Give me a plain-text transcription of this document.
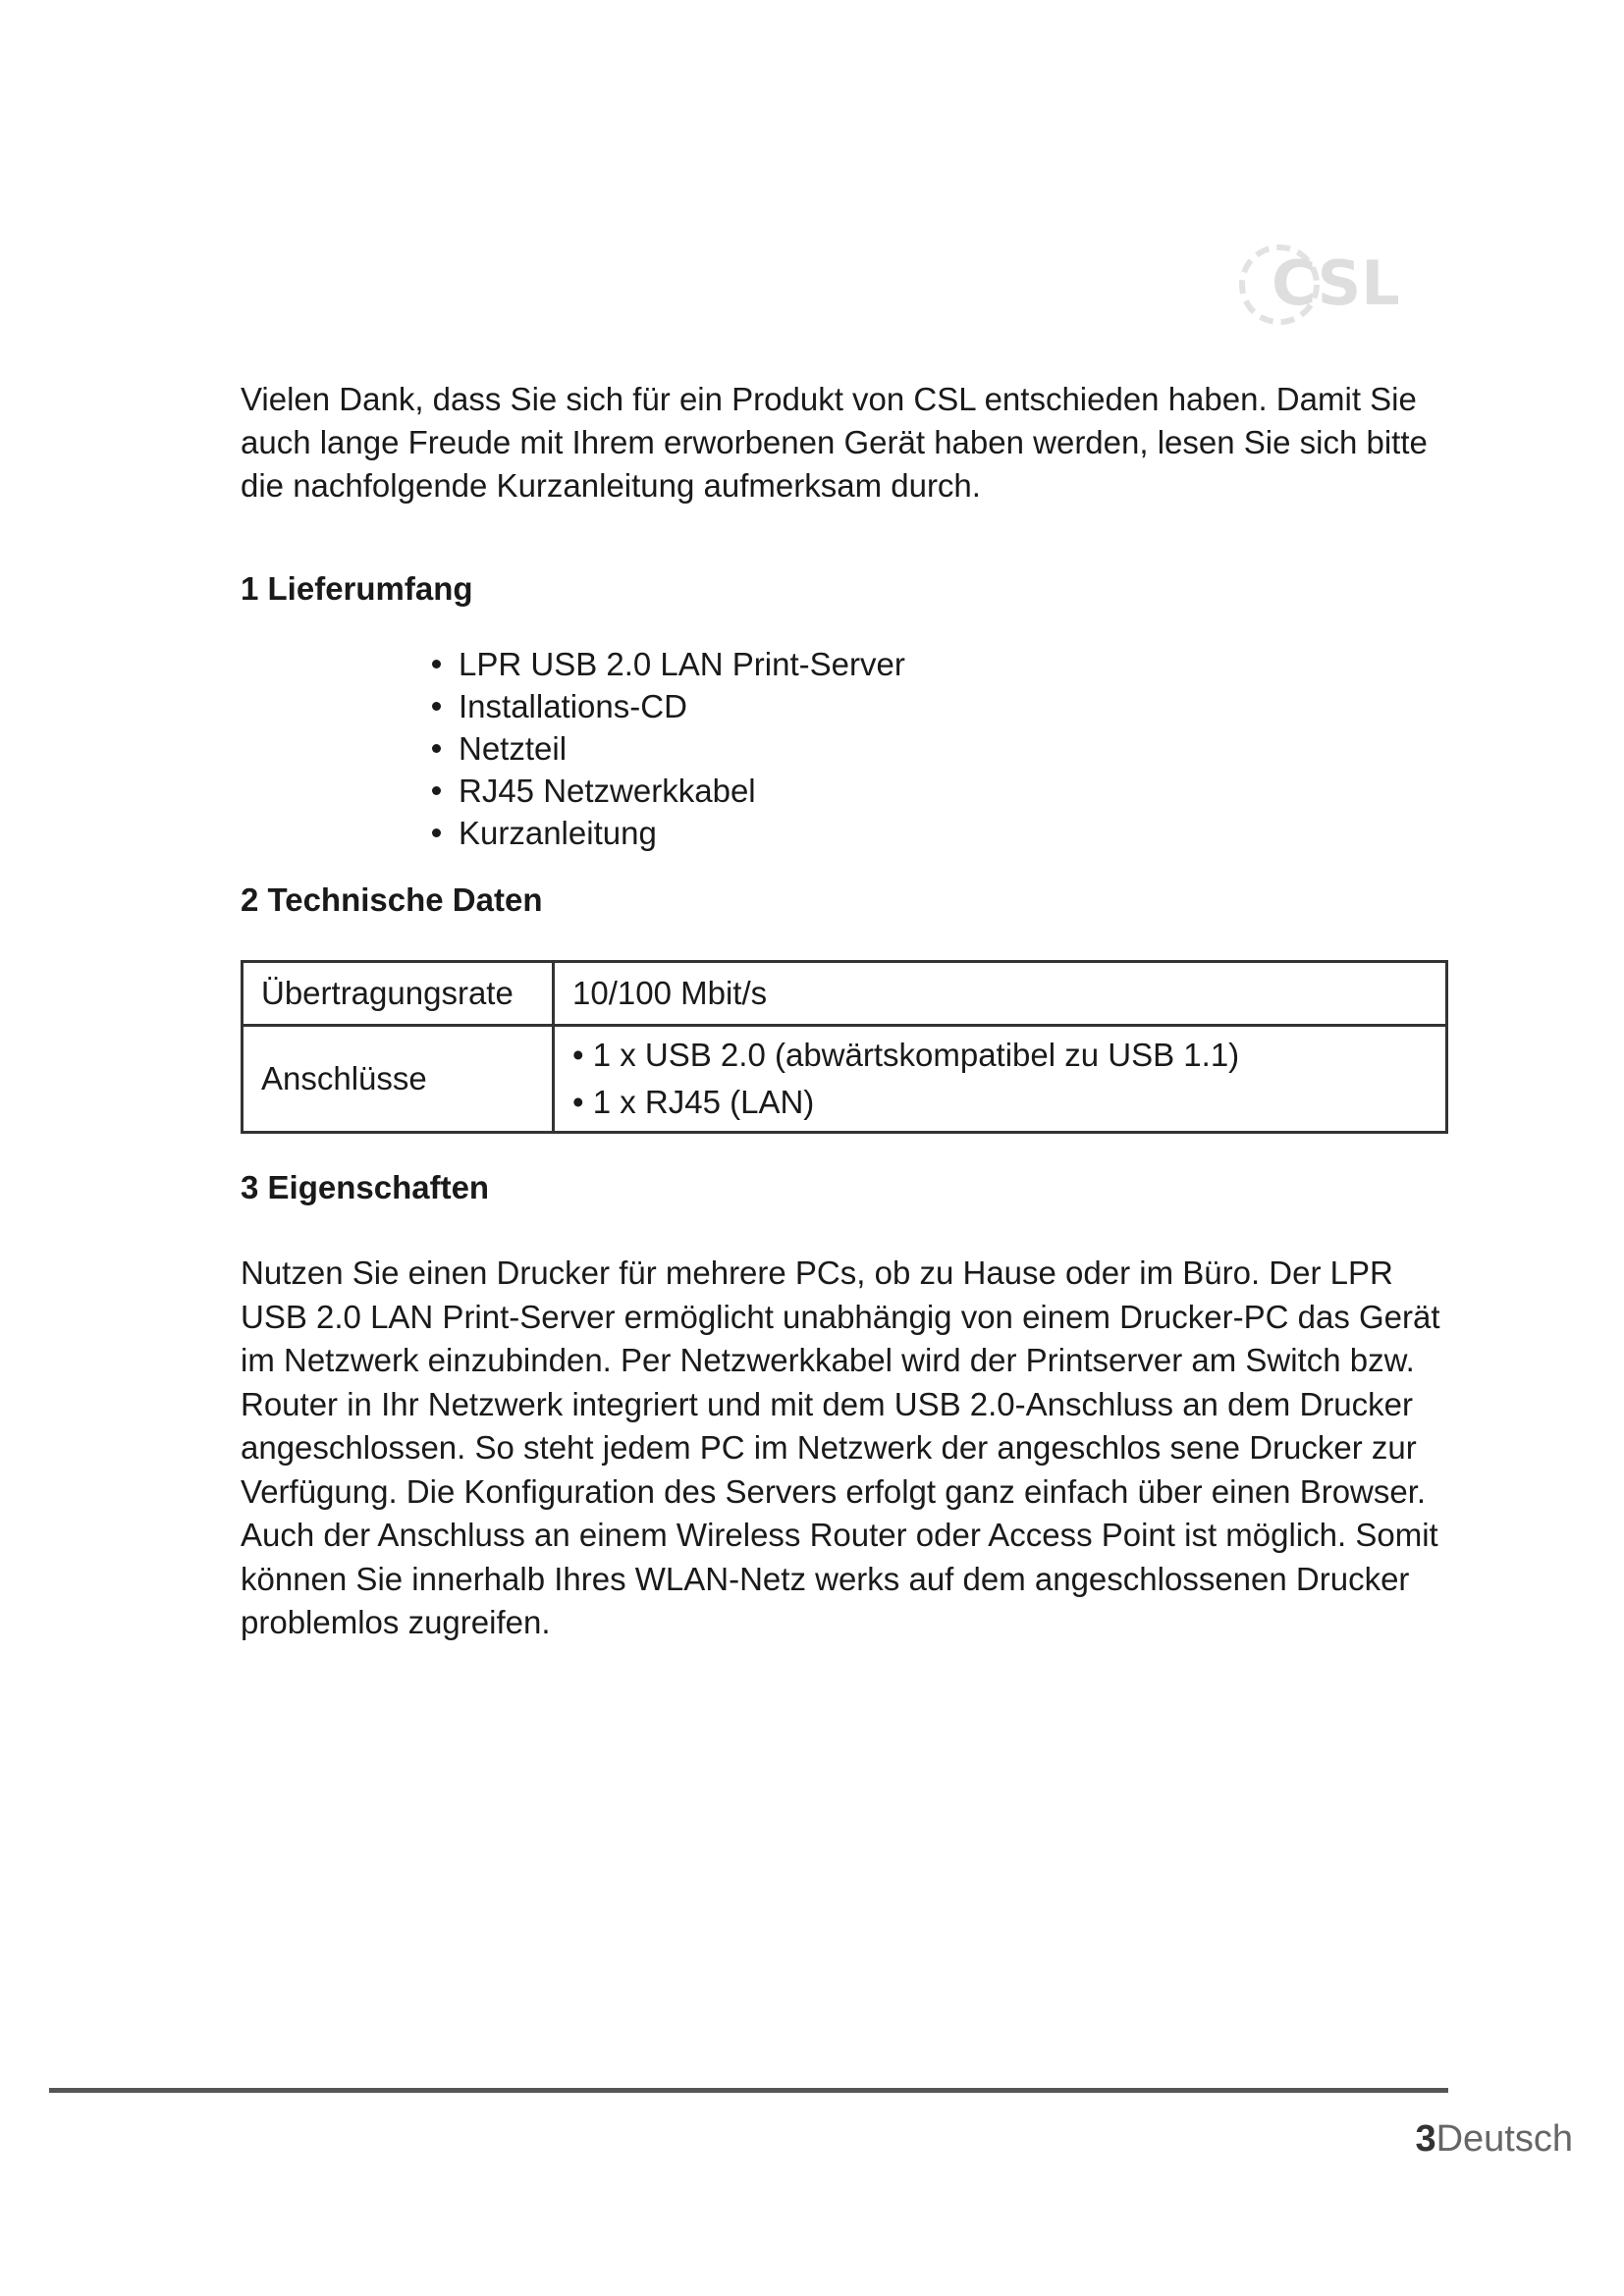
CSL

Vielen Dank, dass Sie sich für ein Produkt von CSL entschieden haben. Damit Sie auch lange Freude mit Ihrem erworbenen Gerät haben werden, lesen Sie sich bitte die nachfolgende Kurzanleitung aufmerksam durch.

1 Lieferumfang
LPR USB 2.0 LAN Print-Server
Installations-CD
Netzteil
RJ45 Netzwerkkabel
Kurzanleitung
2 Technische Daten
Übertragungsrate	10/100 Mbit/s

Anschlüsse	• 1 x USB 2.0 (abwärtskompatibel zu USB 1.1)
• 1 x RJ45 (LAN)
3 Eigenschaften

Nutzen Sie einen Drucker für mehrere PCs, ob zu Hause oder im Büro. Der LPR USB 2.0 LAN Print-Server ermöglicht unabhängig von einem Drucker-PC das Gerät im Netzwerk einzubinden. Per Netzwerkkabel wird der Printserver am Switch bzw. Router in Ihr Netzwerk integriert und mit dem USB 2.0-Anschluss an dem Drucker angeschlossen. So steht jedem PC im Netzwerk der angeschlos sene Drucker zur Verfügung. Die Konfiguration des Servers erfolgt ganz einfach über einen Browser. Auch der Anschluss an einem Wireless Router oder Access Point ist möglich. Somit können Sie innerhalb Ihres WLAN-Netz werks auf dem angeschlossenen Drucker problemlos zugreifen.

3Deutsch
